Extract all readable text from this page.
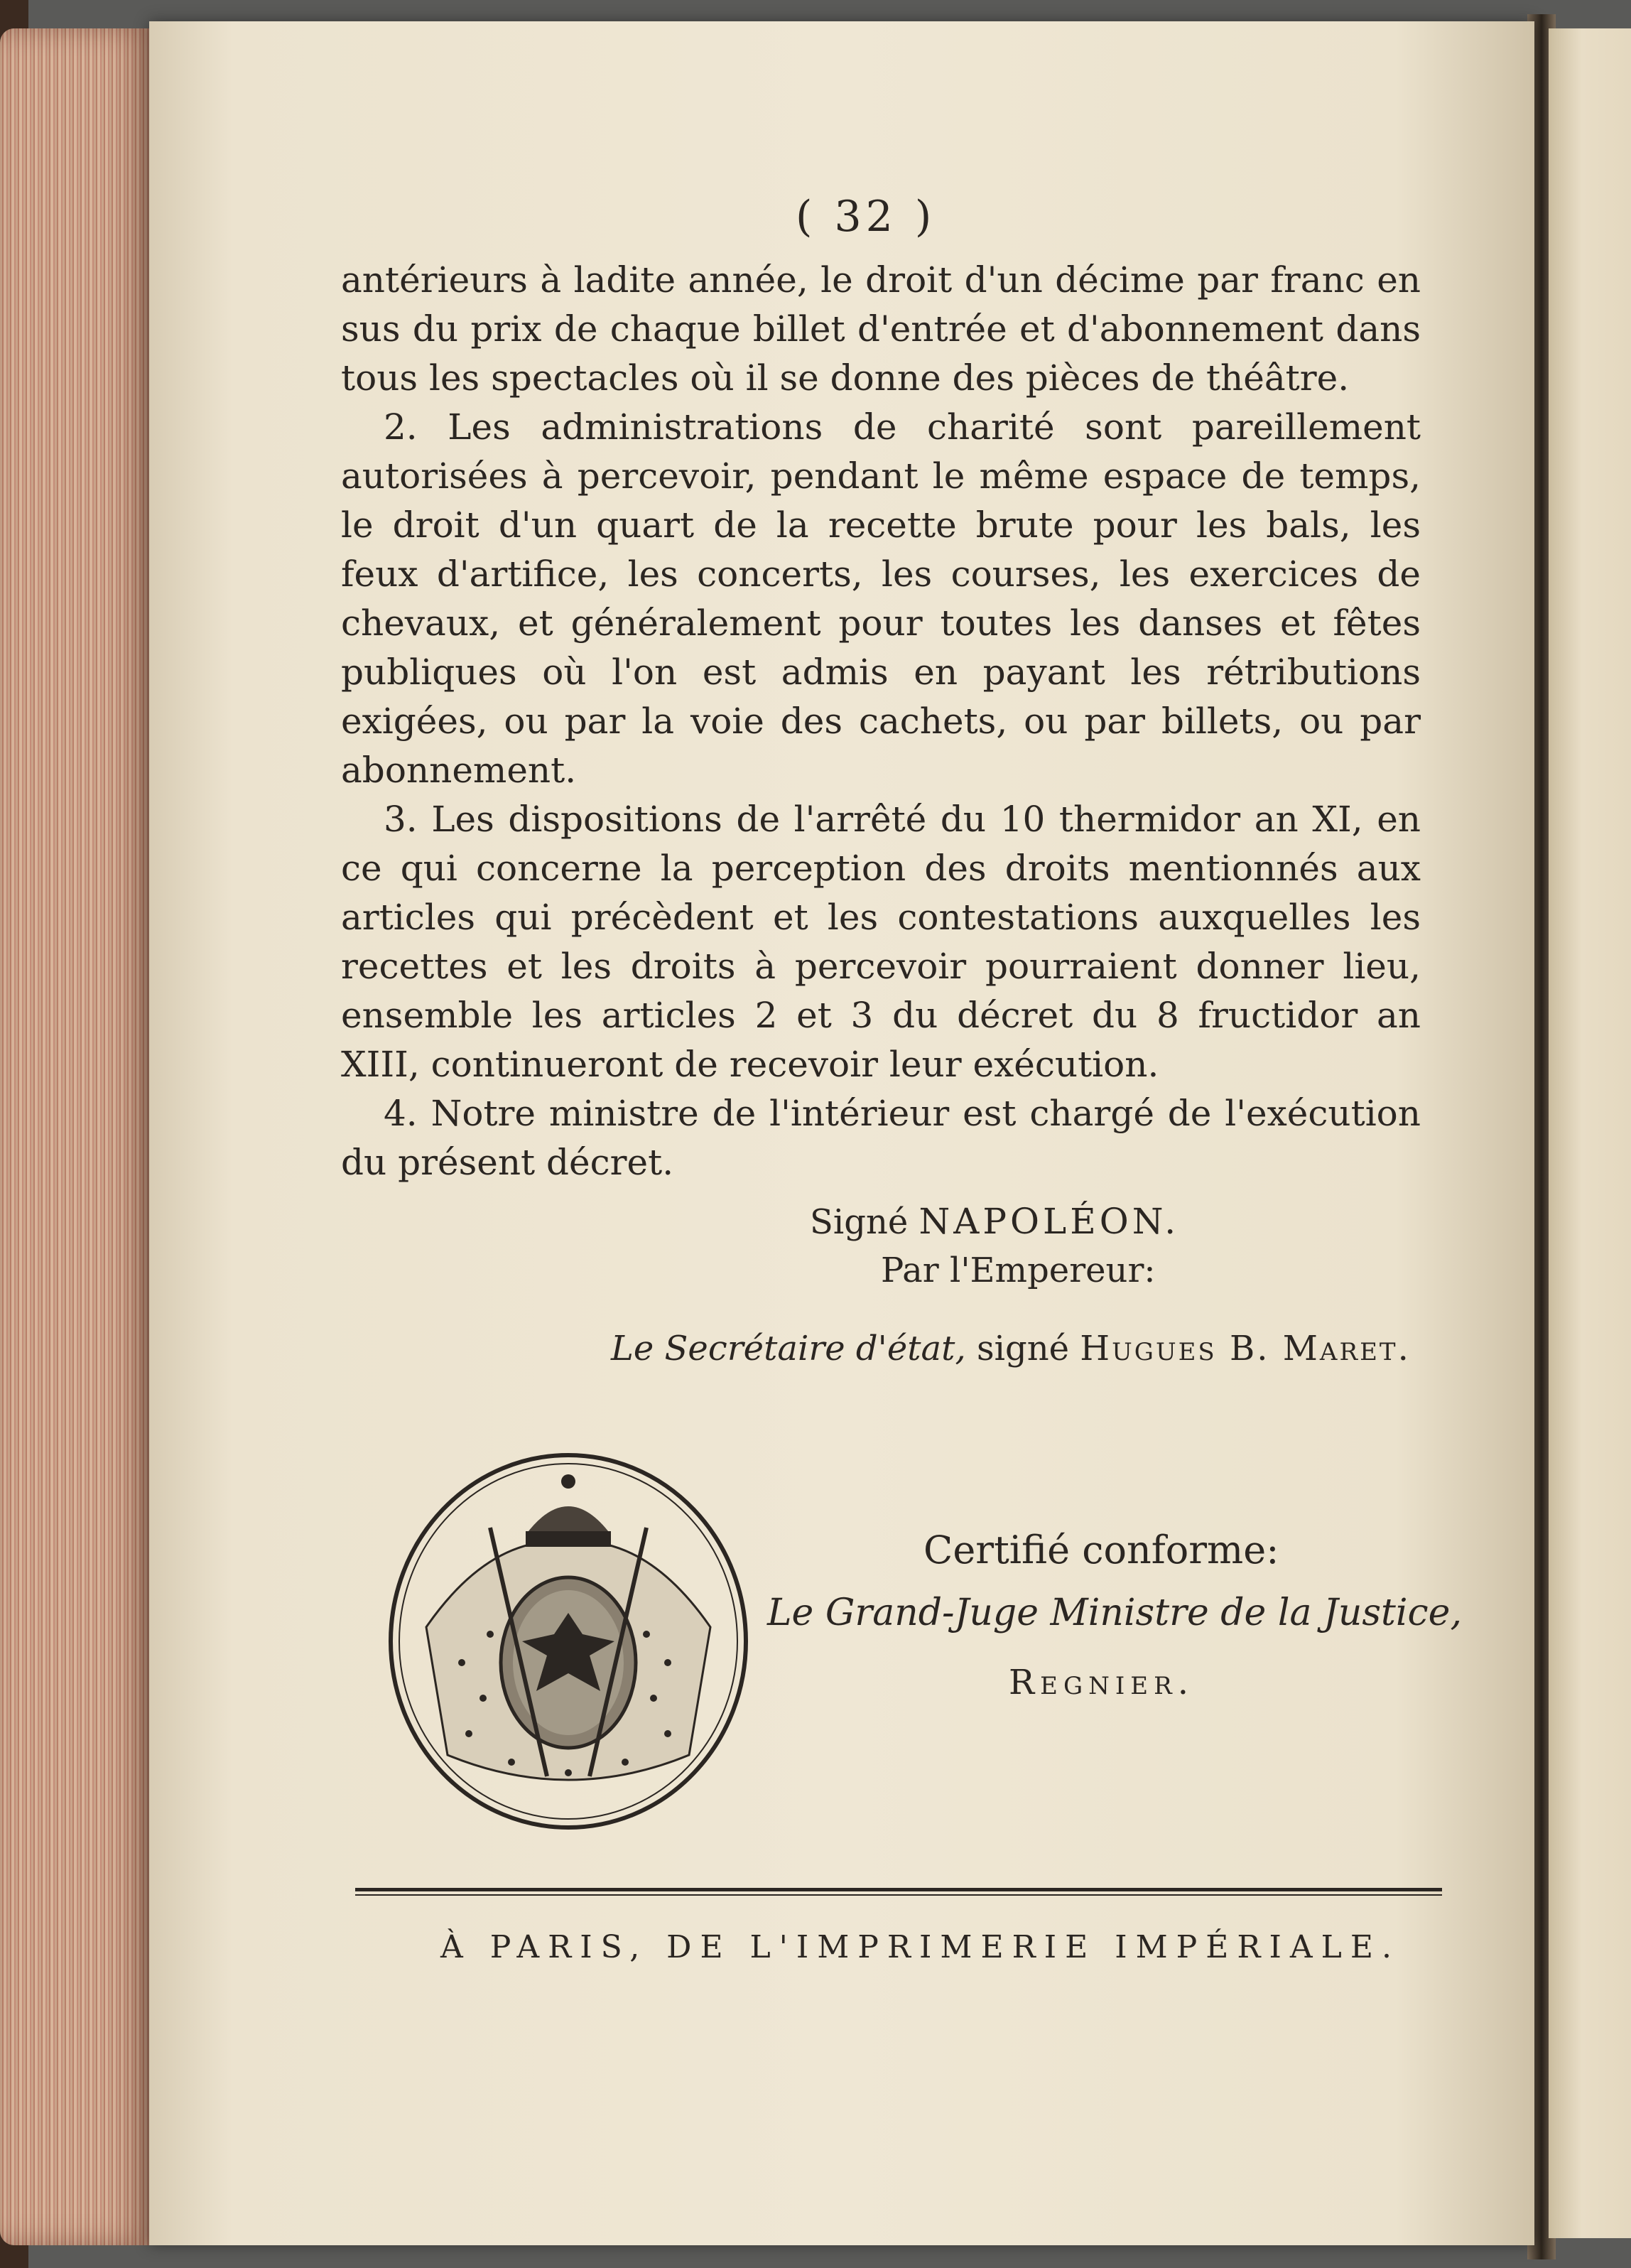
( 32 )

antérieurs à ladite année, le droit d'un décime par franc en sus du prix de chaque billet d'entrée et d'abonnement dans tous les spectacles où il se donne des pièces de théâtre.

2. Les administrations de charité sont pareillement autorisées à percevoir, pendant le même espace de temps, le droit d'un quart de la recette brute pour les bals, les feux d'artifice, les concerts, les courses, les exercices de chevaux, et généralement pour toutes les danses et fêtes publiques où l'on est admis en payant les rétributions exigées, ou par la voie des cachets, ou par billets, ou par abonnement.

3. Les dispositions de l'arrêté du 10 thermidor an XI, en ce qui concerne la perception des droits mentionnés aux articles qui précèdent et les contestations auxquelles les recettes et les droits à percevoir pourraient donner lieu, ensemble les articles 2 et 3 du décret du 8 fructidor an XIII, continueront de recevoir leur exécution.

4. Notre ministre de l'intérieur est chargé de l'exécution du présent décret.

Signé NAPOLÉON.
Par l'Empereur:
Le Secrétaire d'état, signé Hugues B. Maret.
Certifié conforme:
Le Grand-Juge Ministre de la Justice,
Regnier.
À PARIS, DE L'IMPRIMERIE IMPÉRIALE.
